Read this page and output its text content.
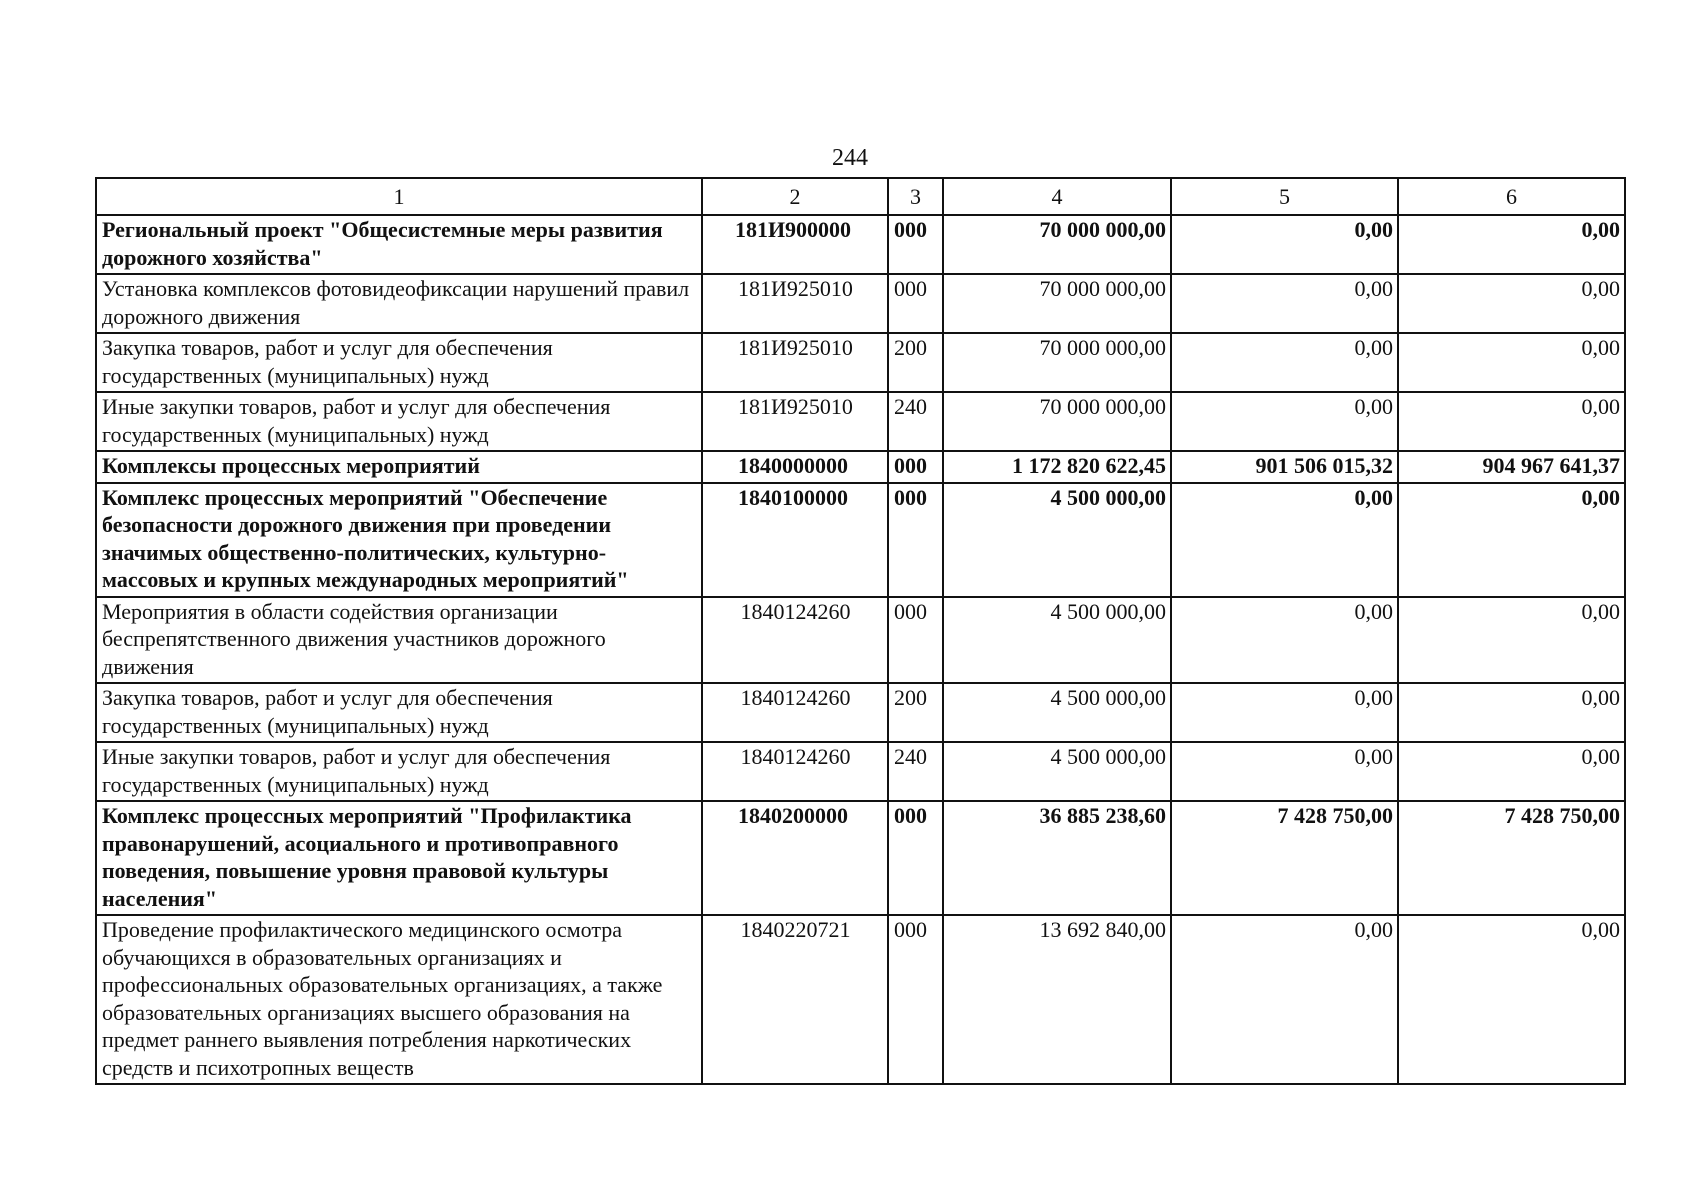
244
1	2	3	4	5	6
Региональный проект "Общесистемные меры развития дорожного хозяйства"	181И900000	000	70 000 000,00	0,00	0,00
Установка комплексов фотовидеофиксации нарушений правил дорожного движения	181И925010	000	70 000 000,00	0,00	0,00
Закупка товаров, работ и услуг для обеспечения государственных (муниципальных) нужд	181И925010	200	70 000 000,00	0,00	0,00
Иные закупки товаров, работ и услуг для обеспечения государственных (муниципальных) нужд	181И925010	240	70 000 000,00	0,00	0,00
Комплексы процессных мероприятий	1840000000	000	1 172 820 622,45	901 506 015,32	904 967 641,37
Комплекс процессных мероприятий "Обеспечение безопасности дорожного движения при проведении значимых общественно-политических, культурно-массовых и крупных международных мероприятий"	1840100000	000	4 500 000,00	0,00	0,00
Мероприятия в области содействия организации беспрепятственного движения участников дорожного движения	1840124260	000	4 500 000,00	0,00	0,00
Закупка товаров, работ и услуг для обеспечения государственных (муниципальных) нужд	1840124260	200	4 500 000,00	0,00	0,00
Иные закупки товаров, работ и услуг для обеспечения государственных (муниципальных) нужд	1840124260	240	4 500 000,00	0,00	0,00
Комплекс процессных мероприятий "Профилактика правонарушений, асоциального и противоправного поведения, повышение уровня правовой культуры населения"	1840200000	000	36 885 238,60	7 428 750,00	7 428 750,00
Проведение профилактического медицинского осмотра обучающихся в образовательных организациях и профессиональных образовательных организациях, а также образовательных организациях высшего образования на предмет раннего выявления потребления наркотических средств и психотропных веществ	1840220721	000	13 692 840,00	0,00	0,00
